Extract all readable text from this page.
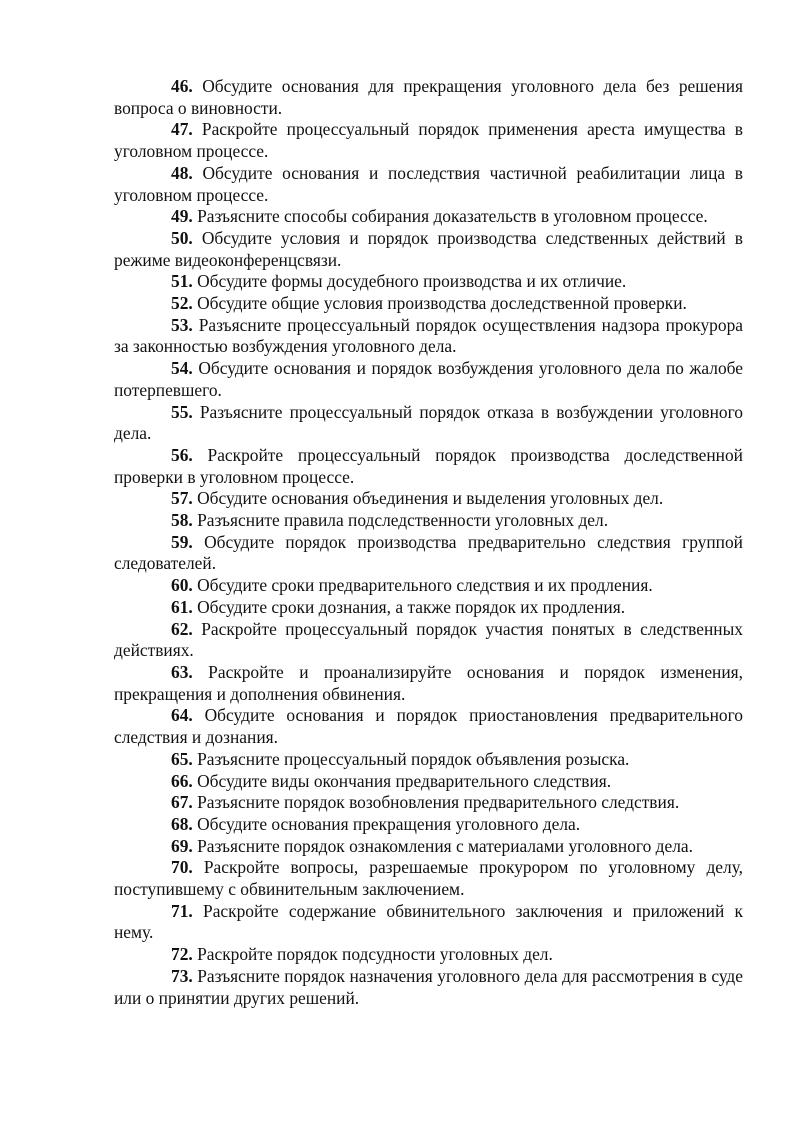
46. Обсудите основания для прекращения уголовного дела без решения вопроса о виновности.

47. Раскройте процессуальный порядок применения ареста имущества в уголовном процессе.

48. Обсудите основания и последствия частичной реабилитации лица в уголовном процессе.

49. Разъясните способы собирания доказательств в уголовном процессе.

50. Обсудите условия и порядок производства следственных действий в режиме видеоконференцсвязи.

51. Обсудите формы досудебного производства и их отличие.

52. Обсудите общие условия производства доследственной проверки.

53. Разъясните процессуальный порядок осуществления надзора прокурора за законностью возбуждения уголовного дела.

54. Обсудите основания и порядок возбуждения уголовного дела по жалобе потерпевшего.

55. Разъясните процессуальный порядок отказа в возбуждении уголовного дела.

56. Раскройте процессуальный порядок производства доследственной проверки в уголовном процессе.

57. Обсудите основания объединения и выделения уголовных дел.

58. Разъясните правила подследственности уголовных дел.

59. Обсудите порядок производства предварительно следствия группой следователей.

60. Обсудите сроки предварительного следствия и их продления.

61. Обсудите сроки дознания, а также порядок их продления.

62. Раскройте процессуальный порядок участия понятых в следственных действиях.

63. Раскройте и проанализируйте основания и порядок изменения, прекращения и дополнения обвинения.

64. Обсудите основания и порядок приостановления предварительного следствия и дознания.

65. Разъясните процессуальный порядок объявления розыска.

66. Обсудите виды окончания предварительного следствия.

67. Разъясните порядок возобновления предварительного следствия.

68. Обсудите основания прекращения уголовного дела.

69. Разъясните порядок ознакомления с материалами уголовного дела.

70. Раскройте вопросы, разрешаемые прокурором по уголовному делу, поступившему с обвинительным заключением.

71. Раскройте содержание обвинительного заключения и приложений к нему.

72. Раскройте порядок подсудности уголовных дел.

73. Разъясните порядок назначения уголовного дела для рассмотрения в суде или о принятии других решений.
